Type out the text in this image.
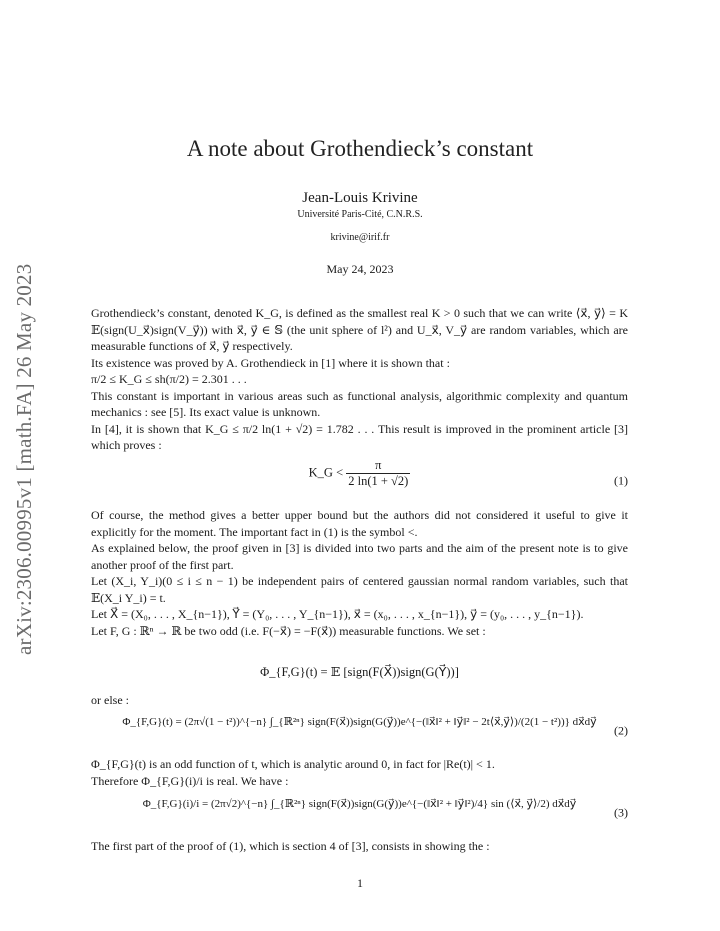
arXiv:2306.00995v1 [math.FA] 26 May 2023
A note about Grothendieck’s constant
Jean-Louis Krivine
Université Paris-Cité, C.N.R.S.
krivine@irif.fr
May 24, 2023

Grothendieck’s constant, denoted K_G, is defined as the smallest real K > 0 such that we can write ⟨x⃗, y⃗⟩ = K 𝔼(sign(U_x⃗)sign(V_y⃗)) with x⃗, y⃗ ∈ 𝕊 (the unit sphere of l²) and U_x⃗, V_y⃗ are random variables, which are measurable functions of x⃗, y⃗ respectively.

Its existence was proved by A. Grothendieck in [1] where it is shown that :

π/2 ≤ K_G ≤ sh(π/2) = 2.301 . . .

This constant is important in various areas such as functional analysis, algorithmic complexity and quantum mechanics : see [5]. Its exact value is unknown.

In [4], it is shown that K_G ≤ π/2 ln(1 + √2) = 1.782 . . . This result is improved in the prominent article [3] which proves :

K_G < $\frac{\pi}{2 \ln(1 + √2)}$	(1)

Of course, the method gives a better upper bound but the authors did not considered it useful to give it explicitly for the moment. The important fact in (1) is the symbol <.

As explained below, the proof given in [3] is divided into two parts and the aim of the present note is to give another proof of the first part.

Let (X_i, Y_i)(0 ≤ i ≤ n − 1) be independent pairs of centered gaussian normal random variables, such that 𝔼(X_i Y_i) = t.

Let X⃗ = (X₀, . . . , X_{n−1}), Y⃗ = (Y₀, . . . , Y_{n−1}), x⃗ = (x₀, . . . , x_{n−1}), y⃗ = (y₀, . . . , y_{n−1}).

Let F, G : ℝⁿ → ℝ be two odd (i.e. F(−x⃗) = −F(x⃗)) measurable functions. We set :

Φ_{F,G}(t) = 𝔼 [sign(F(X⃗))sign(G(Y⃗))]

or else :

Φ_{F,G}(t) = (2π√(1 − t²))^{−n} ∫_{ℝ²ⁿ} sign(F(x⃗))sign(G(y⃗))e^{−(‖x⃗‖² + ‖y⃗‖² − 2t⟨x⃗,y⃗⟩)/(2(1 − t²))} dx⃗dy⃗
(2)

Φ_{F,G}(t) is an odd function of t, which is analytic around 0, in fact for |Re(t)| < 1.

Therefore Φ_{F,G}(i)/i is real. We have :

Φ_{F,G}(i)/i = (2π√2)^{−n} ∫_{ℝ²ⁿ} sign(F(x⃗))sign(G(y⃗))e^{−(‖x⃗‖² + ‖y⃗‖²)/4} sin (⟨x⃗, y⃗⟩/2) dx⃗dy⃗
(3)

The first part of the proof of (1), which is section 4 of [3], consists in showing the :

1
